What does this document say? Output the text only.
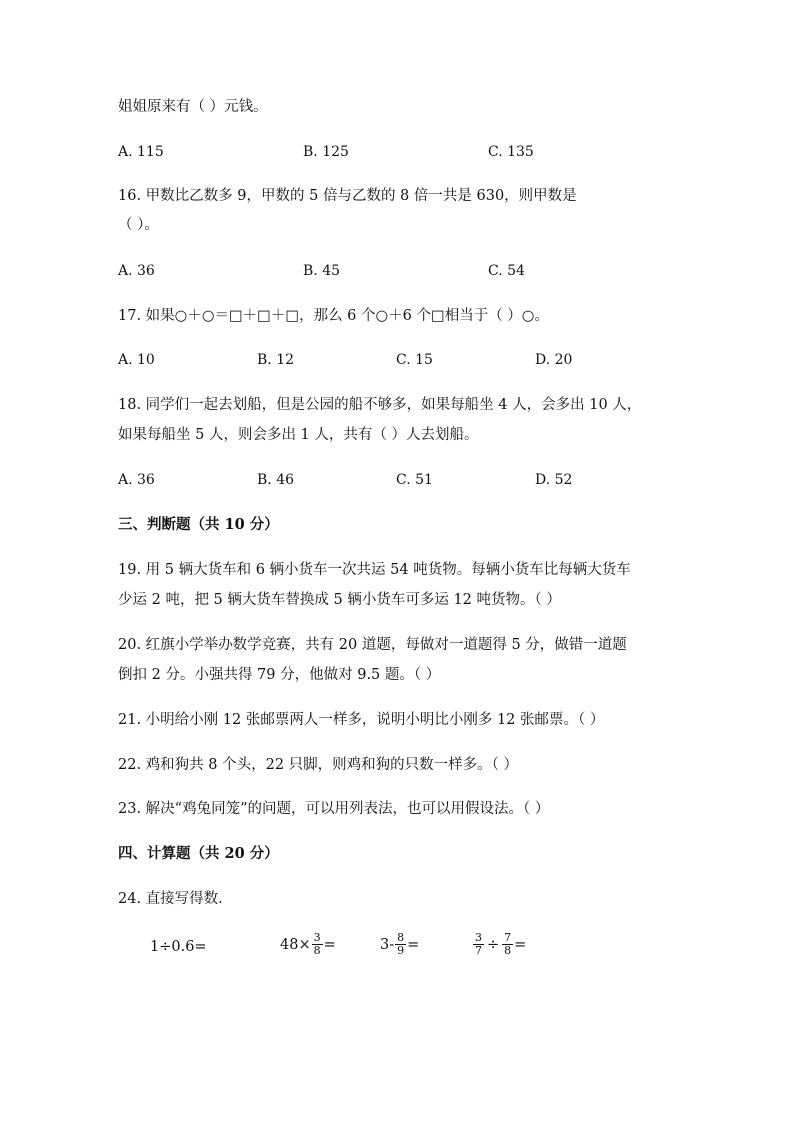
姐姐原来有（ ）元钱。
A. 115	B. 125	C. 135
16. 甲数比乙数多 9，甲数的 5 倍与乙数的 8 倍一共是 630，则甲数是
（ ）。
A. 36	B. 45	C. 54
17. 如果○＋○＝□＋□＋□，那么 6 个○＋6 个□相当于（ ）○。
A. 10	B. 12	C. 15	D. 20
18. 同学们一起去划船，但是公园的船不够多，如果每船坐 4 人，会多出 10 人，
如果每船坐 5 人，则会多出 1 人，共有（ ）人去划船。
A. 36	B. 46	C. 51	D. 52
三、判断题（共 10 分）
19. 用 5 辆大货车和 6 辆小货车一次共运 54 吨货物。每辆小货车比每辆大货车
少运 2 吨，把 5 辆大货车替换成 5 辆小货车可多运 12 吨货物。（ ）
20. 红旗小学举办数学竞赛，共有 20 道题，每做对一道题得 5 分，做错一道题
倒扣 2 分。小强共得 79 分，他做对 9.5 题。（ ）
21. 小明给小刚 12 张邮票两人一样多，说明小明比小刚多 12 张邮票。（ ）
22. 鸡和狗共 8 个头，22 只脚，则鸡和狗的只数一样多。（ ）
23. 解决“鸡兔同笼”的问题，可以用列表法，也可以用假设法。（ ）
四、计算题（共 20 分）
24. 直接写得数.
1÷0.6=	$48\times \frac{3}{8}$ =	$3- \frac{8}{9}$ =	$\frac{3}{7} \div \frac{7}{8}$ =
